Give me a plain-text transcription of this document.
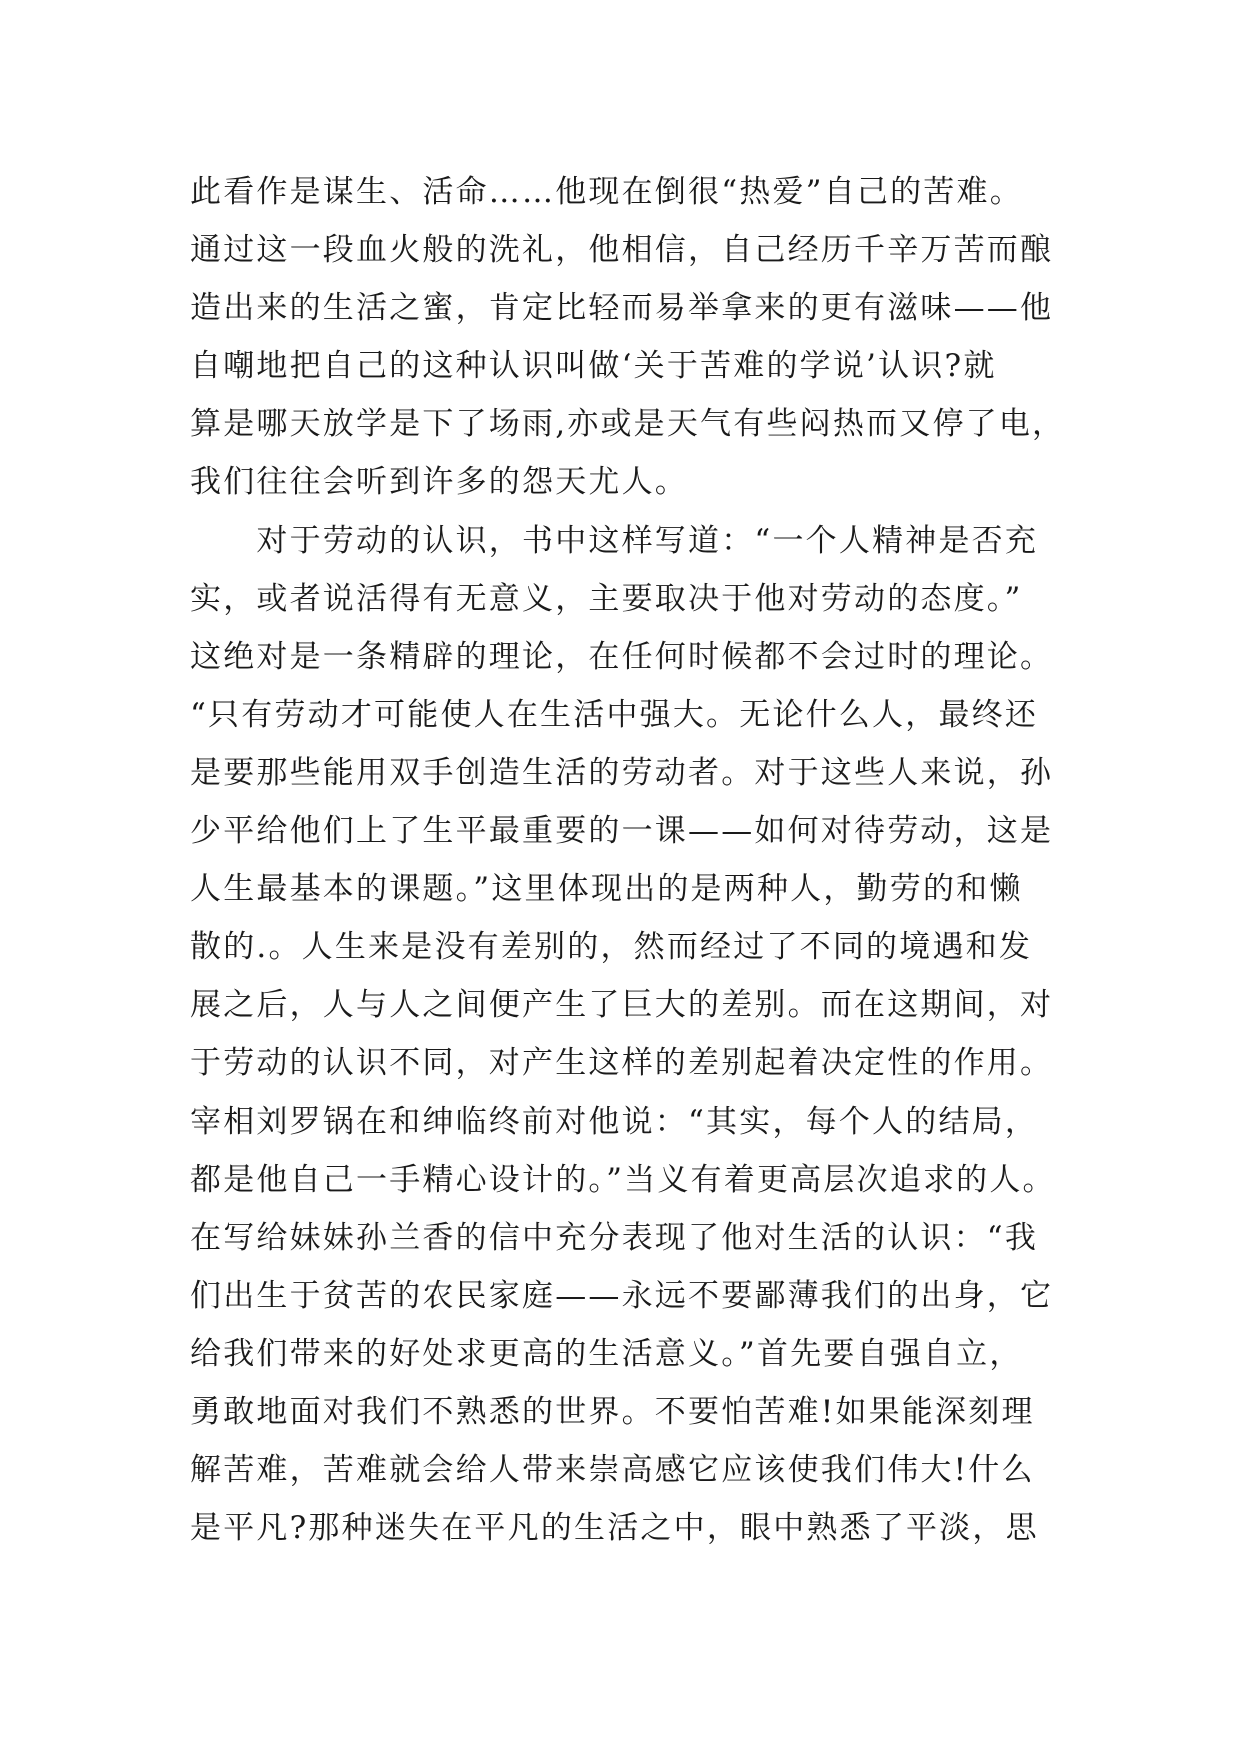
此看作是谋生、活命……他现在倒很“热爱”自己的苦难。
通过这一段血火般的洗礼，他相信，自己经历千辛万苦而酿
造出来的生活之蜜，肯定比轻而易举拿来的更有滋味——他
自嘲地把自己的这种认识叫做‘关于苦难的学说’认识?就
算是哪天放学是下了场雨,亦或是天气有些闷热而又停了电，
我们往往会听到许多的怨天尤人。
　　对于劳动的认识，书中这样写道：“一个人精神是否充
实，或者说活得有无意义，主要取决于他对劳动的态度。”
这绝对是一条精辟的理论，在任何时候都不会过时的理论。
“只有劳动才可能使人在生活中强大。无论什么人，最终还
是要那些能用双手创造生活的劳动者。对于这些人来说，孙
少平给他们上了生平最重要的一课——如何对待劳动，这是
人生最基本的课题。”这里体现出的是两种人，勤劳的和懒
散的.。人生来是没有差别的，然而经过了不同的境遇和发
展之后，人与人之间便产生了巨大的差别。而在这期间，对
于劳动的认识不同，对产生这样的差别起着决定性的作用。
宰相刘罗锅在和绅临终前对他说：“其实，每个人的结局，
都是他自己一手精心设计的。”当义有着更高层次追求的人。
在写给妹妹孙兰香的信中充分表现了他对生活的认识：“我
们出生于贫苦的农民家庭——永远不要鄙薄我们的出身，它
给我们带来的好处求更高的生活意义。”首先要自强自立，
勇敢地面对我们不熟悉的世界。不要怕苦难!如果能深刻理
解苦难，苦难就会给人带来崇高感它应该使我们伟大!什么
是平凡?那种迷失在平凡的生活之中，眼中熟悉了平淡，思
